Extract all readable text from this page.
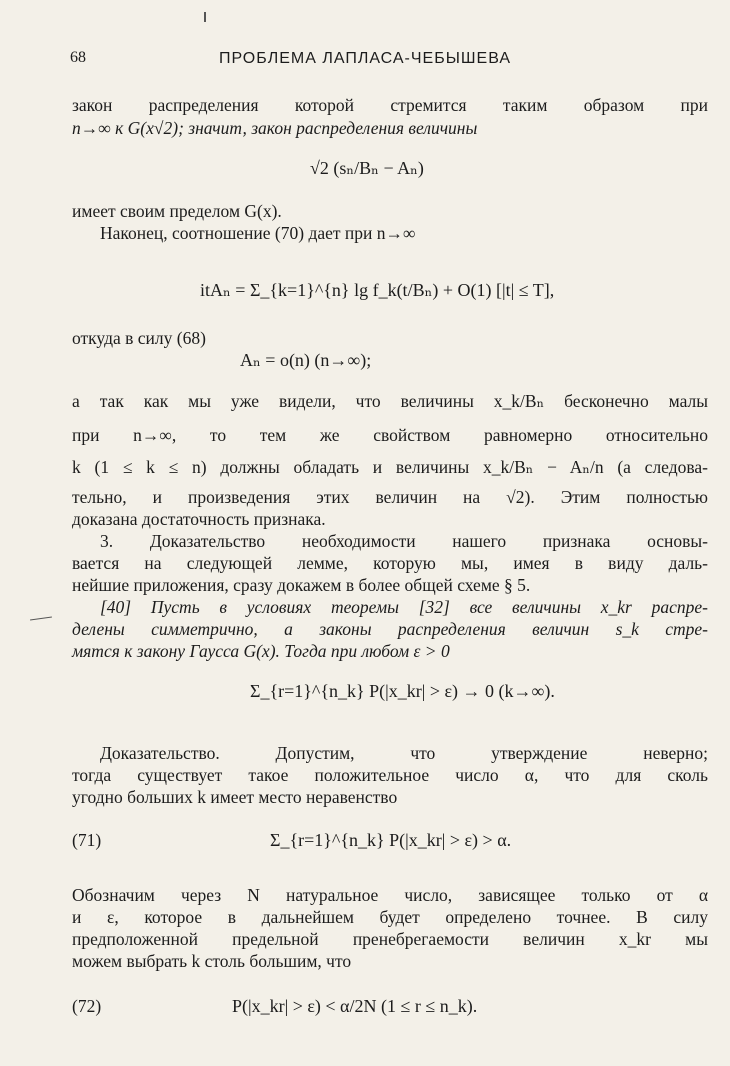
68	ПРОБЛЕМА ЛАПЛАСА-ЧЕБЫШЕВА
закон распределения которой стремится таким образом при
n→∞ к G(x√2); значит, закон распределения величины
√2 (sₙ/Bₙ − Aₙ)
имеет своим пределом G(x).
Наконец, соотношение (70) дает при n→∞
itAₙ = Σ_{k=1}^{n} lg f_k(t/Bₙ) + O(1) [|t| ≤ T],
откуда в силу (68)
Aₙ = o(n) (n→∞);
а так как мы уже видели, что величины x_k/Bₙ бесконечно малы
при n→∞, то тем же свойством равномерно относительно
k (1 ≤ k ≤ n) должны обладать и величины x_k/Bₙ − Aₙ/n (а следова-
тельно, и произведения этих величин на √2). Этим полностью
доказана достаточность признака.
3. Доказательство необходимости нашего признака основы-
вается на следующей лемме, которую мы, имея в виду даль-
нейшие приложения, сразу докажем в более общей схеме § 5.
[40] Пусть в условиях теоремы [32] все величины x_kr распре-
делены симметрично, а законы распределения величин s_k стре-
мятся к закону Гаусса G(x). Тогда при любом ε > 0
Σ_{r=1}^{n_k} P(|x_kr| > ε) → 0 (k→∞).
Доказательство. Допустим, что утверждение неверно;
тогда существует такое положительное число α, что для сколь
угодно больших k имеет место неравенство
(71)	Σ_{r=1}^{n_k} P(|x_kr| > ε) > α.
Обозначим через N натуральное число, зависящее только от α
и ε, которое в дальнейшем будет определено точнее. В силу
предположенной предельной пренебрегаемости величин x_kr мы
можем выбрать k столь большим, что
(72)	P(|x_kr| > ε) < α/2N (1 ≤ r ≤ n_k).
